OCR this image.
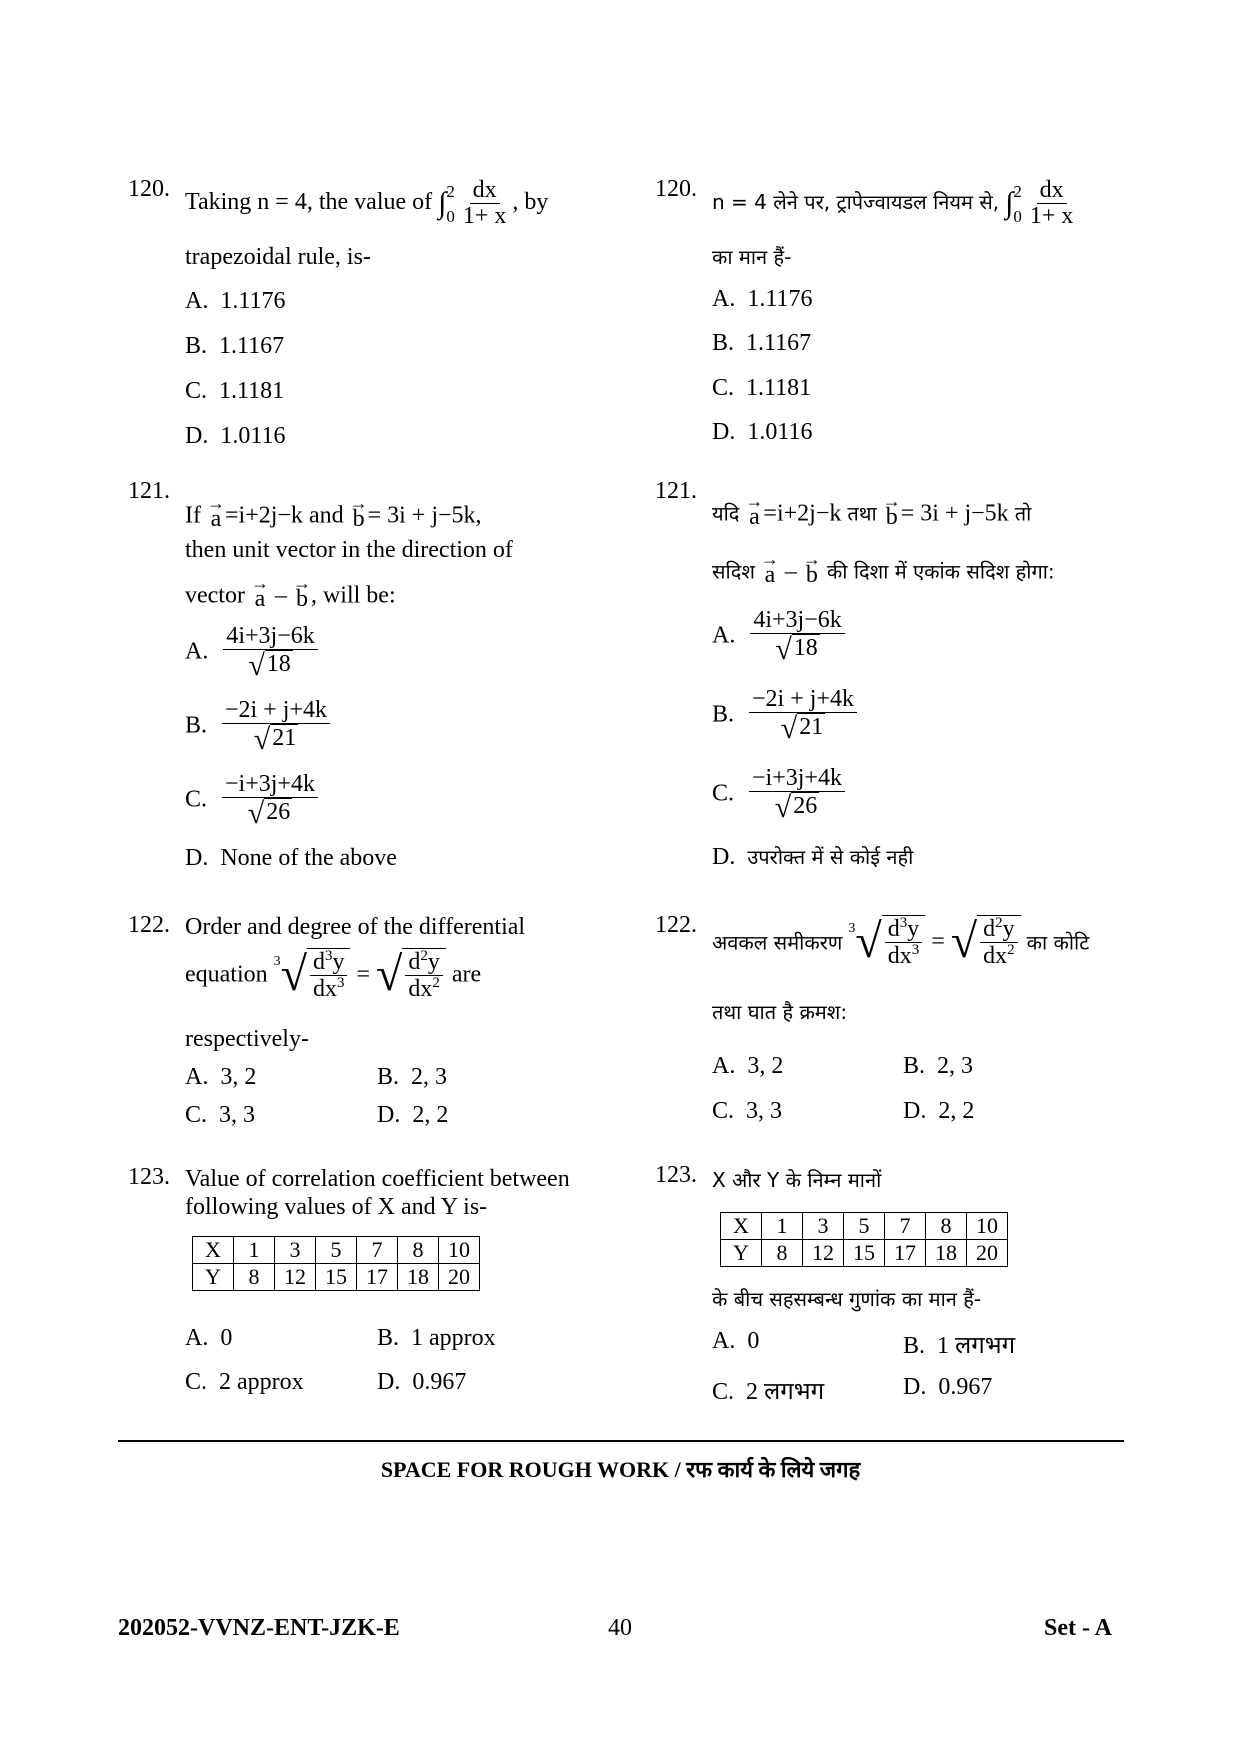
120.
Taking n = 4, the value of ∫ 2
$0 \frac{dx}{1+ x}$ , by
trapezoidal rule, is-
A. 1.1176
B. 1.1167
C. 1.1181
D. 1.0116
120.
n = 4 लेने पर, ट्रापेज्वायडल नियम से, ∫ 2
$0 \frac{dx}{1+ x}$
का मान हैं-
A. 1.1176
B. 1.1167
C. 1.1181
D. 1.0116
121.
If →
a =i+2j−k and →
b = 3i + j−5k,
then unit vector in the direction of
vector →
a – →
b , will be:
A. $\frac{4i+3j-6k}{√18}$
B. $\frac{-2i + j+4k}{√21}$
C. $\frac{-i+3j+4k}{√26}$
D. None of the above
121.
यदि
→
a =i+2j−k तथा
→
b = 3i + j−5k तो
सदिश
→
a – →
b की दिशा में एकांक सदिश होगा:
A. $\frac{4i+3j-6k}{√18}$
B. $\frac{-2i + j+4k}{√21}$
C. $\frac{-i+3j+4k}{√26}$
D. उपरोक्त में से कोई नही
122. Order and degree of the differential
equation
3 √ $\frac{d^3y}{dx^3}$ = √ $\frac{d^2y}{dx^2}$ are
respectively-
A. 3, 2	B. 2, 3
C. 3, 3	D. 2, 2
122.
अवकल समीकरण
3 √ $\frac{d^3y}{dx^3}$ = √ $\frac{d^2y}{dx^2}$ का कोटि
तथा घात है क्रमश:
A. 3, 2	B. 2, 3
C. 3, 3	D. 2, 2
123. Value of correlation coefficient between
following values of X and Y is-
X	1	3	5	7	8	10
Y	8	12	15	17	18	20
A. 0	B. 1 approx
C. 2 approx	D. 0.967
123. X और Y के निम्न मानों
X	1	3	5	7	8	10
Y	8	12	15	17	18	20
के बीच सहसम्बन्ध गुणांक का मान हैं-
A. 0	B. 1 लगभग
C. 2 लगभग	D. 0.967
SPACE FOR ROUGH WORK / रफ कार्य के लिये जगह
202052-VVNZ-ENT-JZK-E	40	Set - A
